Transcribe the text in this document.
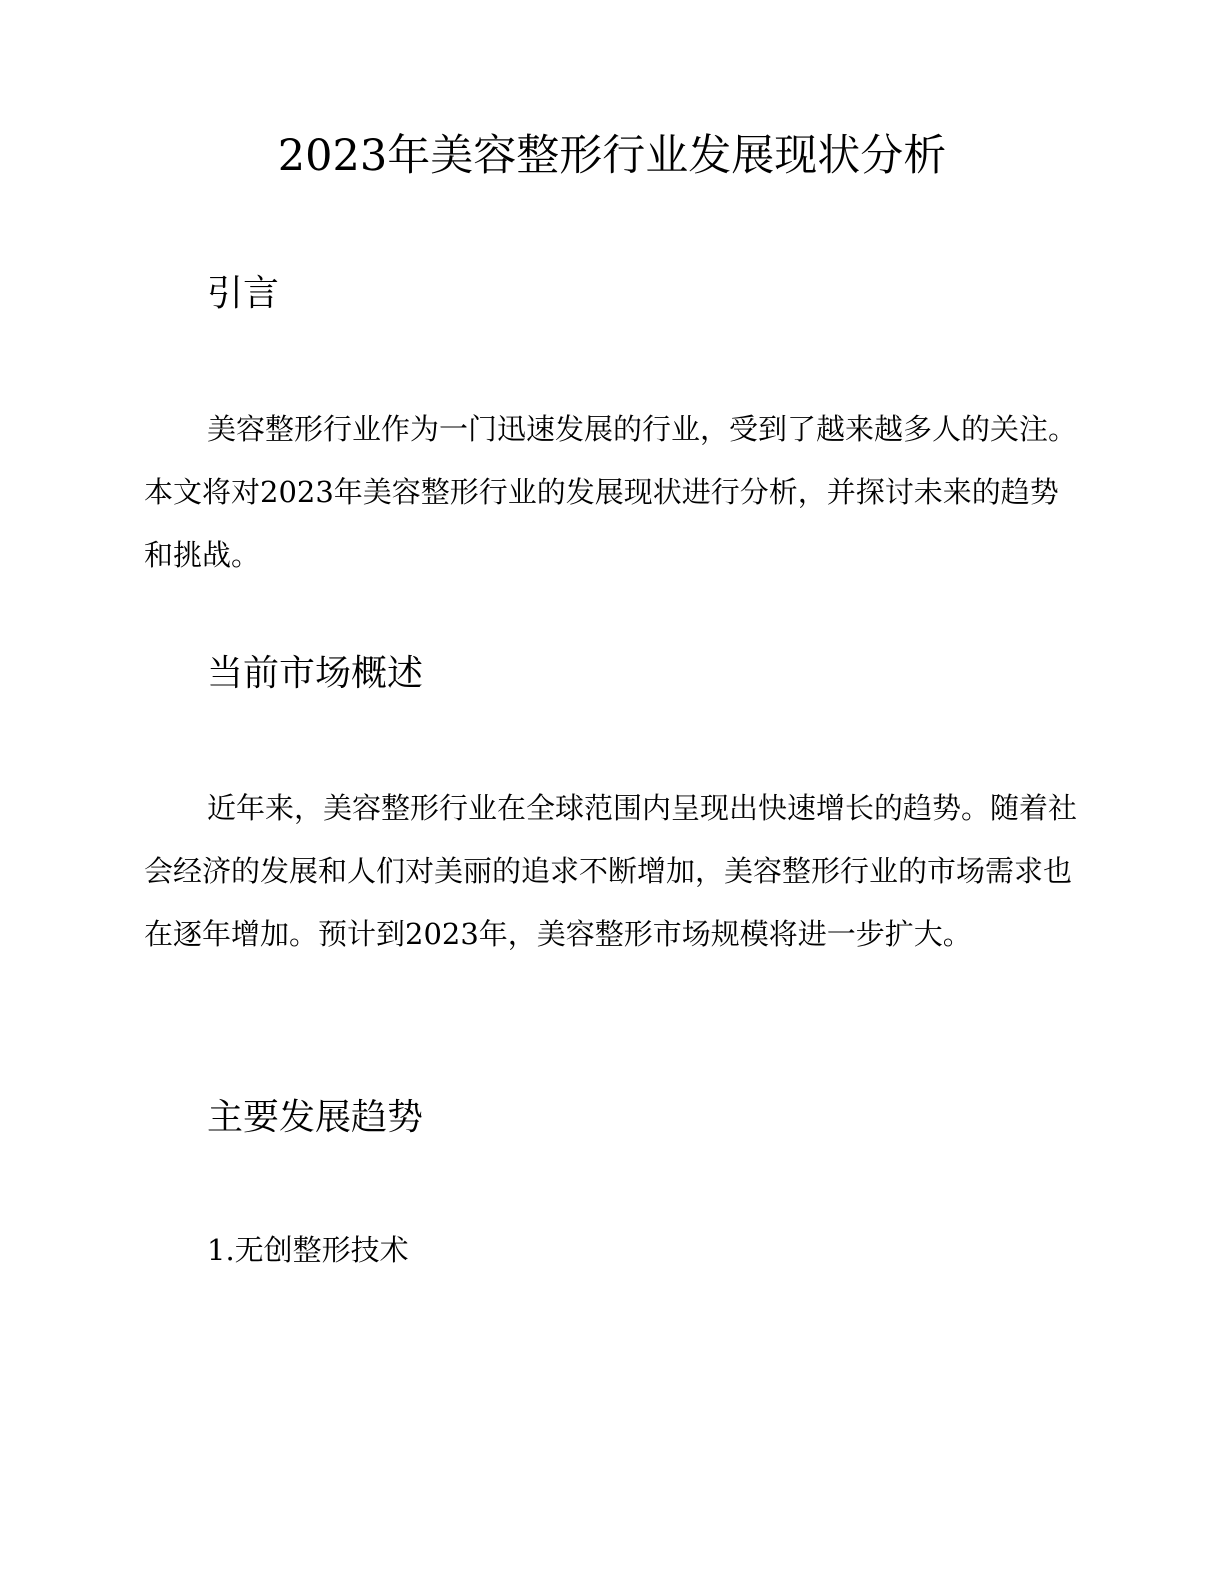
2023年美容整形行业发展现状分析
引言

美容整形行业作为一门迅速发展的行业，受到了越来越多人的关注。本文将对2023年美容整形行业的发展现状进行分析，并探讨未来的趋势和挑战。

当前市场概述

近年来，美容整形行业在全球范围内呈现出快速增长的趋势。随着社会经济的发展和人们对美丽的追求不断增加，美容整形行业的市场需求也在逐年增加。预计到2023年，美容整形市场规模将进一步扩大。

主要发展趋势

1.无创整形技术
